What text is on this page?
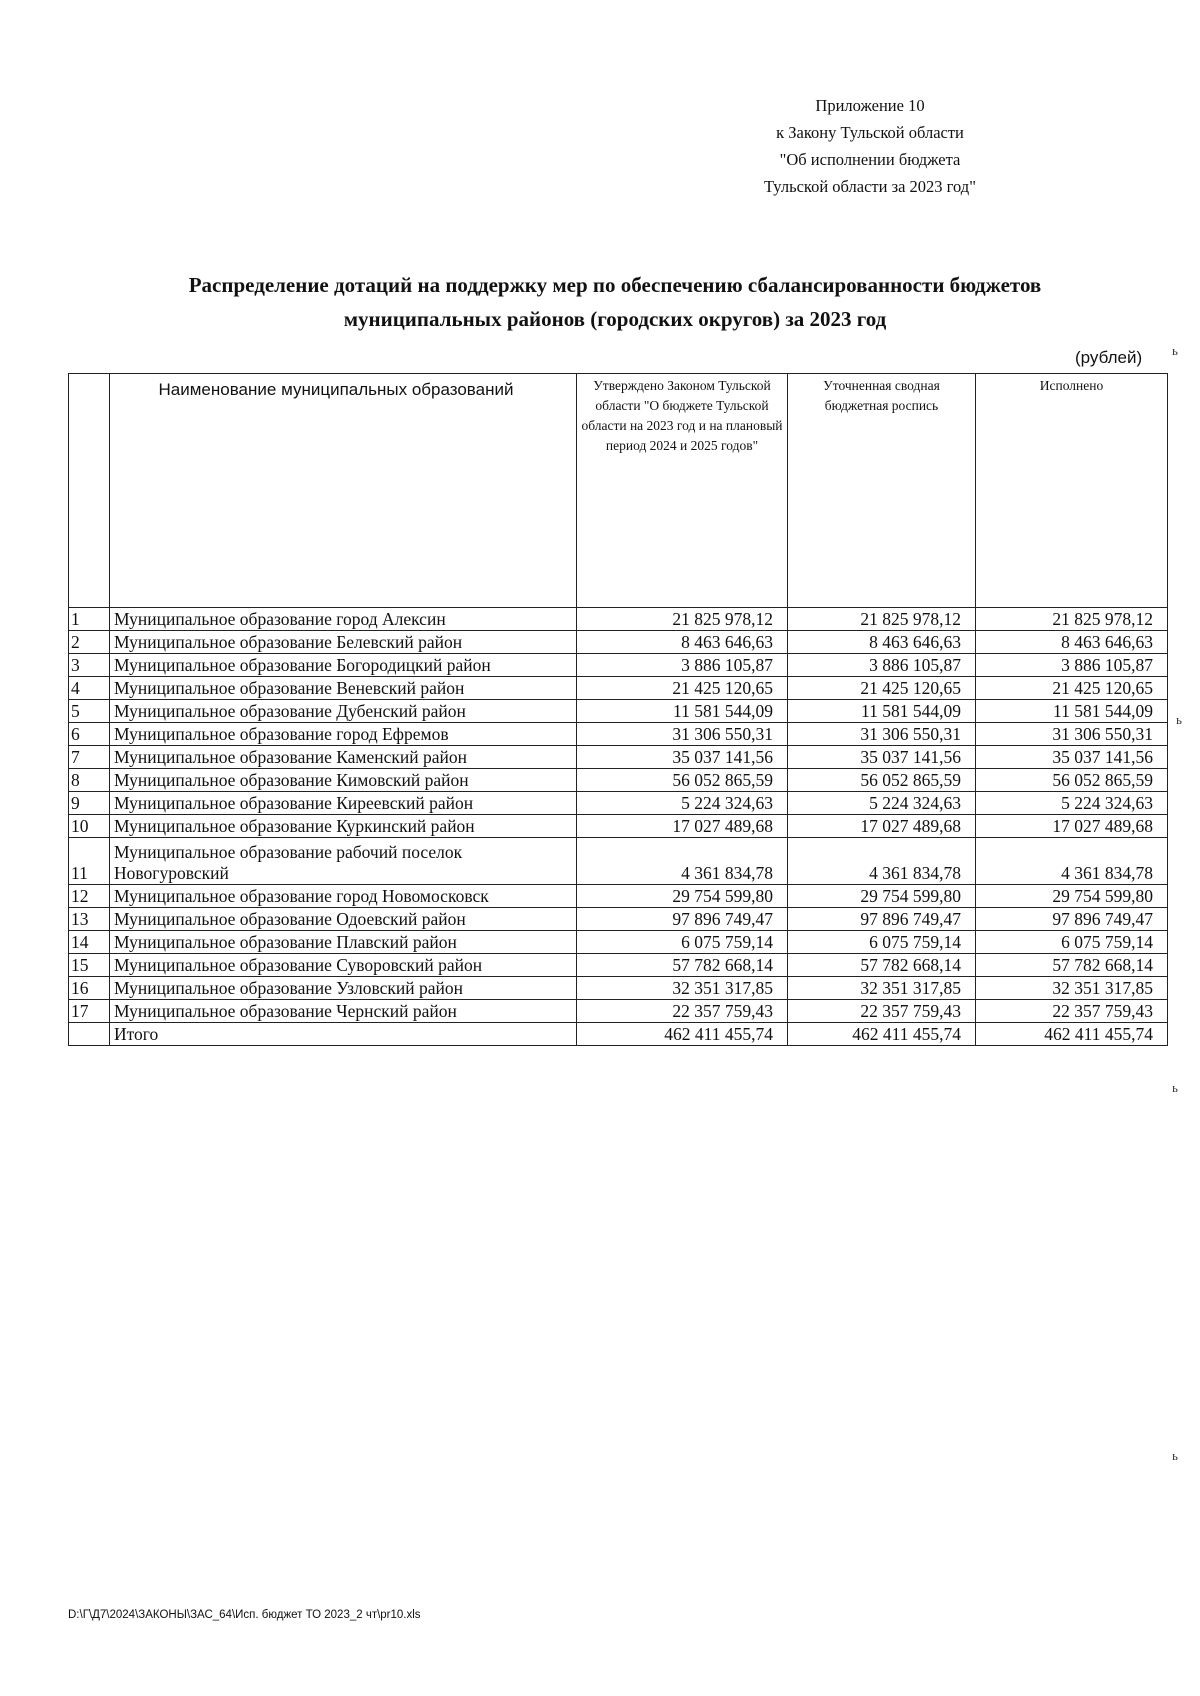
Приложение 10
к Закону Тульской области
"Об исполнении бюджета
Тульской области за 2023 год"
Распределение дотаций на поддержку мер по обеспечению сбалансированности бюджетов
муниципальных районов (городских округов) за 2023 год
(рублей)
	Наименование муниципальных образований	Утверждено Законом Тульской области "О бюджете Тульской области на 2023 год и на плановый период 2024 и 2025 годов"	Уточненная сводная бюджетная роспись	Исполнено
1	Муниципальное образование город Алексин	21 825 978,12	21 825 978,12	21 825 978,12
2	Муниципальное образование Белевский район	8 463 646,63	8 463 646,63	8 463 646,63
3	Муниципальное образование Богородицкий район	3 886 105,87	3 886 105,87	3 886 105,87
4	Муниципальное образование Веневский район	21 425 120,65	21 425 120,65	21 425 120,65
5	Муниципальное образование Дубенский район	11 581 544,09	11 581 544,09	11 581 544,09
6	Муниципальное образование город Ефремов	31 306 550,31	31 306 550,31	31 306 550,31
7	Муниципальное образование Каменский район	35 037 141,56	35 037 141,56	35 037 141,56
8	Муниципальное образование Кимовский район	56 052 865,59	56 052 865,59	56 052 865,59
9	Муниципальное образование Киреевский район	5 224 324,63	5 224 324,63	5 224 324,63
10	Муниципальное образование Куркинский район	17 027 489,68	17 027 489,68	17 027 489,68
11	Муниципальное образование рабочий поселок Новогуровский	4 361 834,78	4 361 834,78	4 361 834,78
12	Муниципальное образование город Новомосковск	29 754 599,80	29 754 599,80	29 754 599,80
13	Муниципальное образование Одоевский район	97 896 749,47	97 896 749,47	97 896 749,47
14	Муниципальное образование Плавский район	6 075 759,14	6 075 759,14	6 075 759,14
15	Муниципальное образование Суворовский район	57 782 668,14	57 782 668,14	57 782 668,14
16	Муниципальное образование Узловский район	32 351 317,85	32 351 317,85	32 351 317,85
17	Муниципальное образование Чернский район	22 357 759,43	22 357 759,43	22 357 759,43
	Итого	462 411 455,74	462 411 455,74	462 411 455,74
ь
ь
ь
ь
D:\Г\Д7\2024\ЗАКОНЫ\ЗАС_64\Исп. бюджет ТО 2023_2 чт\pr10.xls
